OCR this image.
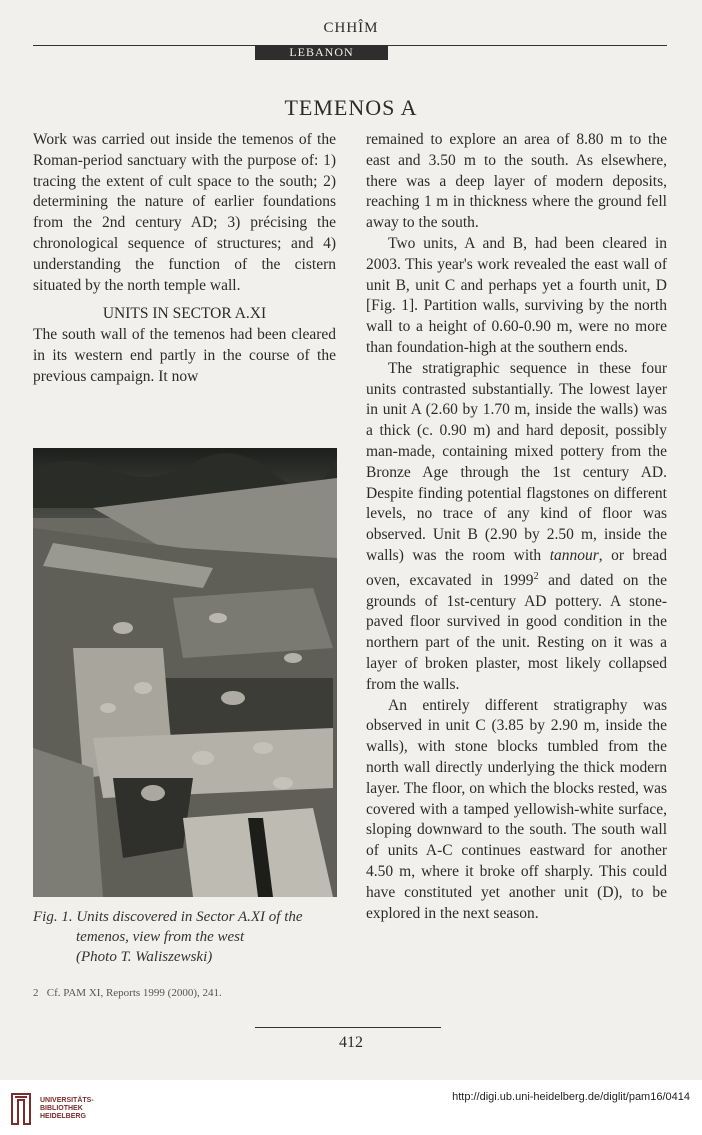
CHHÎM
LEBANON
TEMENOS A

Work was carried out inside the temenos of the Roman-period sanctuary with the purpose of: 1) tracing the extent of cult space to the south; 2) determining the nature of earlier foundations from the 2nd century AD; 3) précising the chronological sequence of structures; and 4) understanding the function of the cistern situated by the north temple wall.

UNITS IN SECTOR A.XI

The south wall of the temenos had been cleared in its western end partly in the course of the previous campaign. It now

Fig. 1. Units discovered in Sector A.XI of the
temenos, view from the west
(Photo T. Waliszewski)

remained to explore an area of 8.80 m to the east and 3.50 m to the south. As elsewhere, there was a deep layer of modern deposits, reaching 1 m in thickness where the ground fell away to the south.

Two units, A and B, had been cleared in 2003. This year's work revealed the east wall of unit B, unit C and perhaps yet a fourth unit, D [Fig. 1]. Partition walls, surviving by the north wall to a height of 0.60-0.90 m, were no more than foundation-high at the southern ends.

The stratigraphic sequence in these four units contrasted substantially. The lowest layer in unit A (2.60 by 1.70 m, inside the walls) was a thick (c. 0.90 m) and hard deposit, possibly man-made, containing mixed pottery from the Bronze Age through the 1st century AD. Despite finding potential flagstones on different levels, no trace of any kind of floor was observed. Unit B (2.90 by 2.50 m, inside the walls) was the room with tannour, or bread oven, excavated in 1999$^2$ and dated on the grounds of 1st-century AD pottery. A stone-paved floor survived in good condition in the northern part of the unit. Resting on it was a layer of broken plaster, most likely collapsed from the walls.

An entirely different stratigraphy was observed in unit C (3.85 by 2.90 m, inside the walls), with stone blocks tumbled from the north wall directly underlying the thick modern layer. The floor, on which the blocks rested, was covered with a tamped yellowish-white surface, sloping downward to the south. The south wall of units A-C continues eastward for another 4.50 m, where it broke off sharply. This could have constituted yet another unit (D), to be explored in the next season.

2   Cf. PAM XI, Reports 1999 (2000), 241.
412
UNIVERSITÄTS-
BIBLIOTHEK
HEIDELBERG
http://digi.ub.uni-heidelberg.de/diglit/pam16/0414
